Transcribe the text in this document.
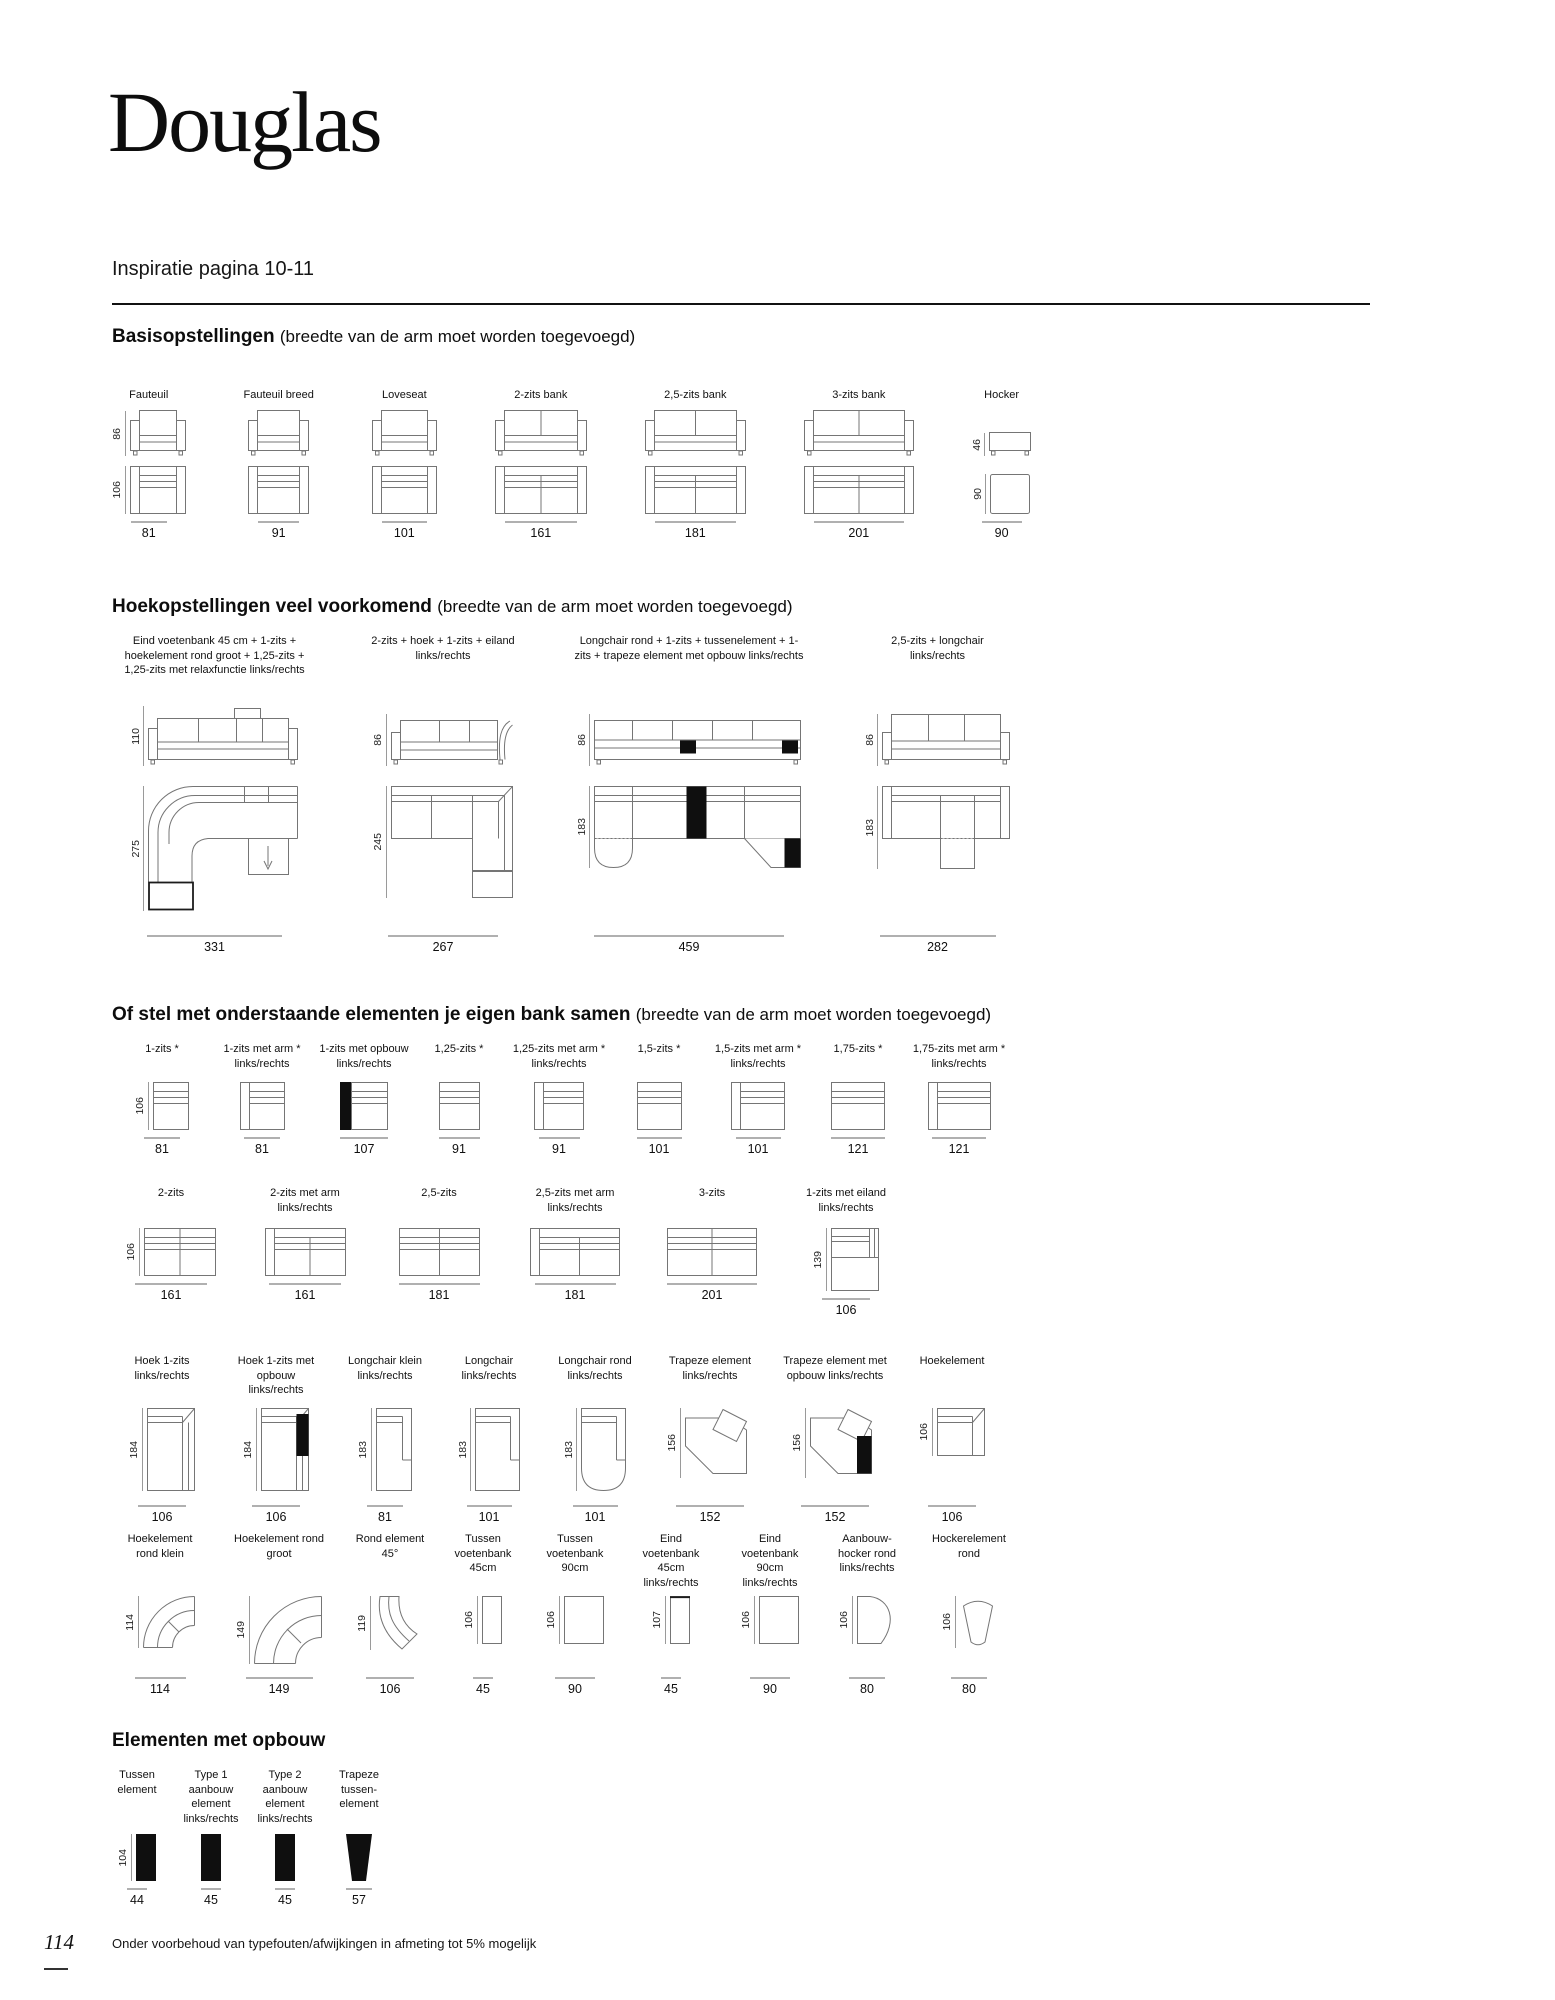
Douglas
Inspiratie pagina 10-11
Basisopstellingen (breedte van de arm moet worden toegevoegd)
Fauteuil
86
106
81
Fauteuil breed
91
Loveseat
101
2-zits bank
161
2,5-zits bank
181
3-zits bank
201
Hocker
46
90
90
Hoekopstellingen veel voorkomend (breedte van de arm moet worden toegevoegd)
Eind voetenbank 45 cm + 1-zits + hoekelement rond groot + 1,25-zits + 1,25-zits met relaxfunctie links/rechts
110
275
331
2-zits + hoek + 1-zits + eiland links/rechts
86
245
267
Longchair rond + 1-zits + tussenelement + 1-zits + trapeze element met opbouw links/rechts
86
183
459
2,5-zits + longchair links/rechts
86
183
282
Of stel met onderstaande elementen je eigen bank samen (breedte van de arm moet worden toegevoegd)
1-zits *
106
81
1-zits met arm * links/rechts
81
1-zits met opbouw links/rechts
107
1,25-zits *
91
1,25-zits met arm * links/rechts
91
1,5-zits *
101
1,5-zits met arm * links/rechts
101
1,75-zits *
121
1,75-zits met arm * links/rechts
121
2-zits
106
161
2-zits met arm links/rechts
161
2,5-zits
181
2,5-zits met arm links/rechts
181
3-zits
201
1-zits met eiland links/rechts
139
106
Hoek 1-zits links/rechts
184
106
Hoek 1-zits met opbouw links/rechts
184
106
Longchair klein links/rechts
183
81
Longchair links/rechts
183
101
Longchair rond links/rechts
183
101
Trapeze element links/rechts
156
152
Trapeze element met opbouw links/rechts
156
152
Hoekelement
106
106
Hoekelement rond klein
114
114
Hoekelement rond groot
149
149
Rond element 45°
119
106
Tussen voetenbank 45cm
106
45
Tussen voetenbank 90cm
106
90
Eind voetenbank 45cm links/rechts
107
45
Eind voetenbank 90cm links/rechts
106
90
Aanbouw-hocker rond links/rechts
106
80
Hockerelement rond
106
80
Elementen met opbouw
Tussen element
104
44
Type 1 aanbouw element links/rechts
45
Type 2 aanbouw element links/rechts
45
Trapeze tussen- element
57
114	Onder voorbehoud van typefouten/afwijkingen in afmeting tot 5% mogelijk
